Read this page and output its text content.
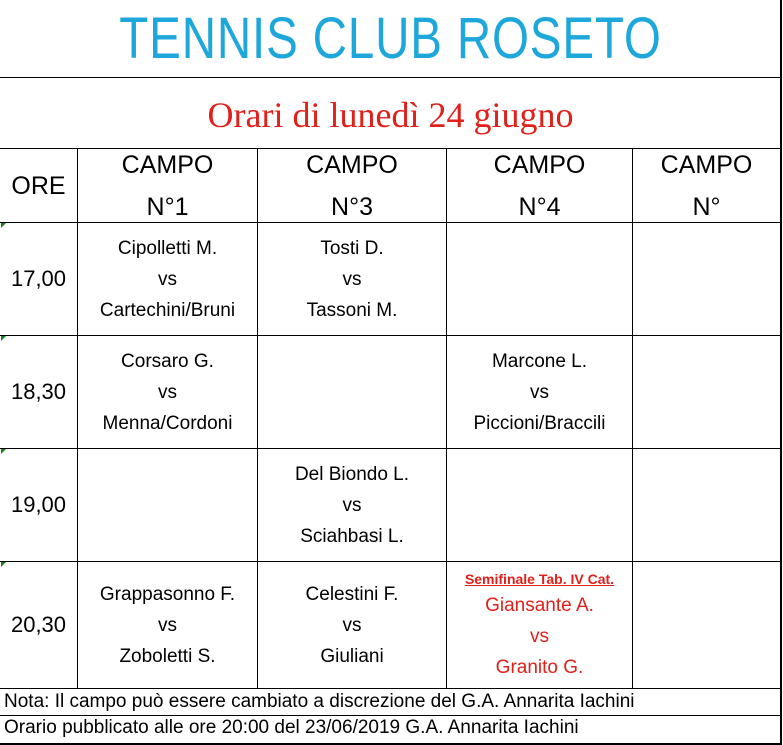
TENNIS CLUB ROSETO
Orari di lunedì 24 giugno
ORE
CAMPO
N°1
CAMPO
N°3
CAMPO
N°4
CAMPO
N°
17,00
Cipolletti M.
vs
Cartechini/Bruni
Tosti D.
vs
Tassoni M.
18,30
Corsaro G.
vs
Menna/Cordoni
Marcone L.
vs
Piccioni/Braccili
19,00
Del Biondo L.
vs
Sciahbasi L.
20,30
Grappasonno F.
vs
Zoboletti S.
Celestini F.
vs
Giuliani
Semifinale Tab. IV Cat.
Giansante A.
vs
Granito G.
Nota: Il campo può essere cambiato a discrezione del G.A. Annarita Iachini
Orario pubblicato alle ore 20:00 del 23/06/2019 G.A. Annarita Iachini
